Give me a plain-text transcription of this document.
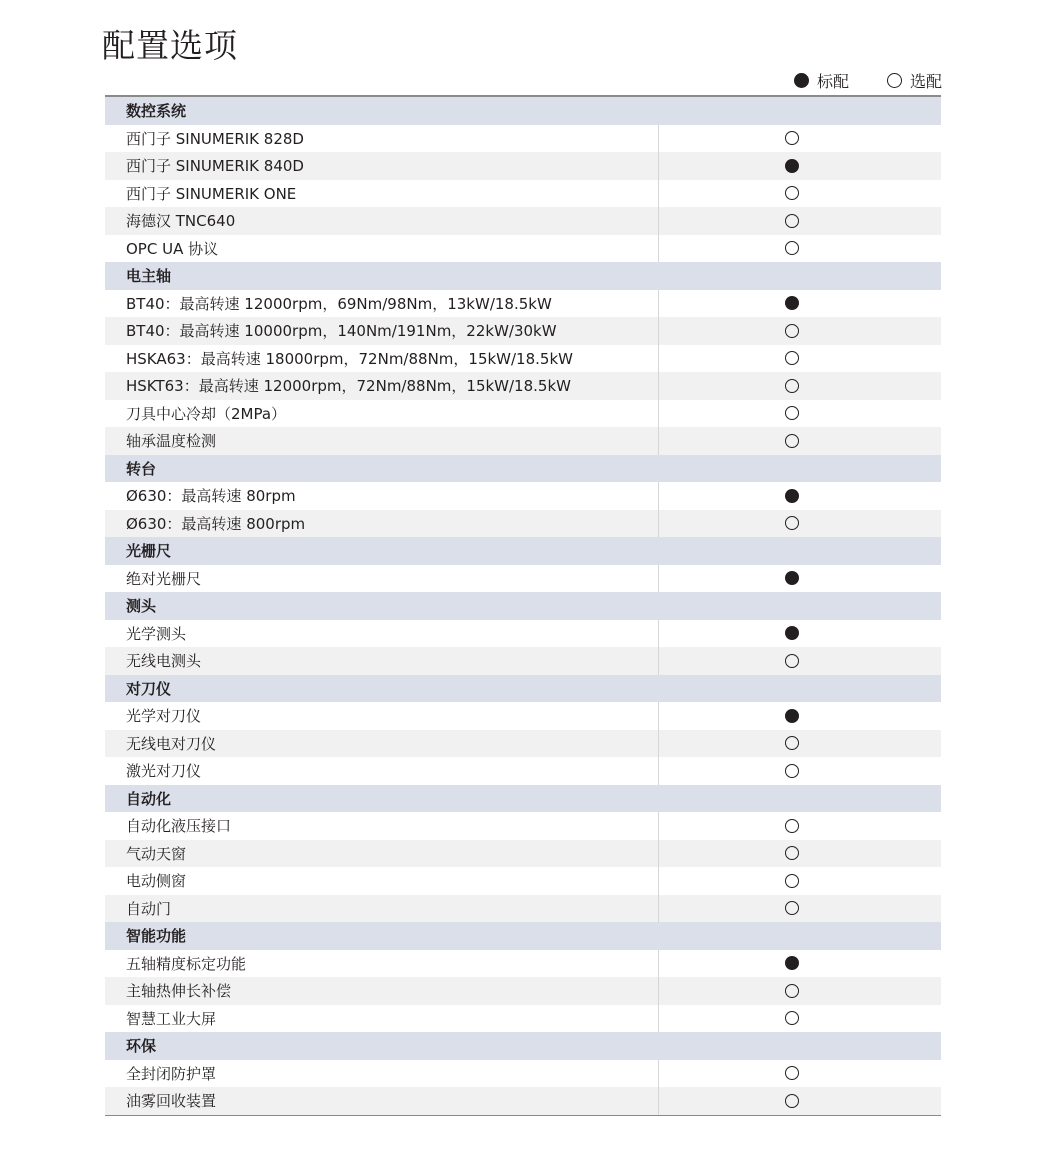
配置选项
标配	选配
数控系统
西门子 SINUMERIK 828D
西门子 SINUMERIK 840D
西门子 SINUMERIK ONE
海德汉 TNC640
OPC UA 协议
电主轴
BT40：最高转速 12000rpm，69Nm/98Nm，13kW/18.5kW
BT40：最高转速 10000rpm，140Nm/191Nm，22kW/30kW
HSKA63：最高转速 18000rpm，72Nm/88Nm，15kW/18.5kW
HSKT63：最高转速 12000rpm，72Nm/88Nm，15kW/18.5kW
刀具中心冷却（2MPa）
轴承温度检测
转台
Ø630：最高转速 80rpm
Ø630：最高转速 800rpm
光栅尺
绝对光栅尺
测头
光学测头
无线电测头
对刀仪
光学对刀仪
无线电对刀仪
激光对刀仪
自动化
自动化液压接口
气动天窗
电动侧窗
自动门
智能功能
五轴精度标定功能
主轴热伸长补偿
智慧工业大屏
环保
全封闭防护罩
油雾回收装置
